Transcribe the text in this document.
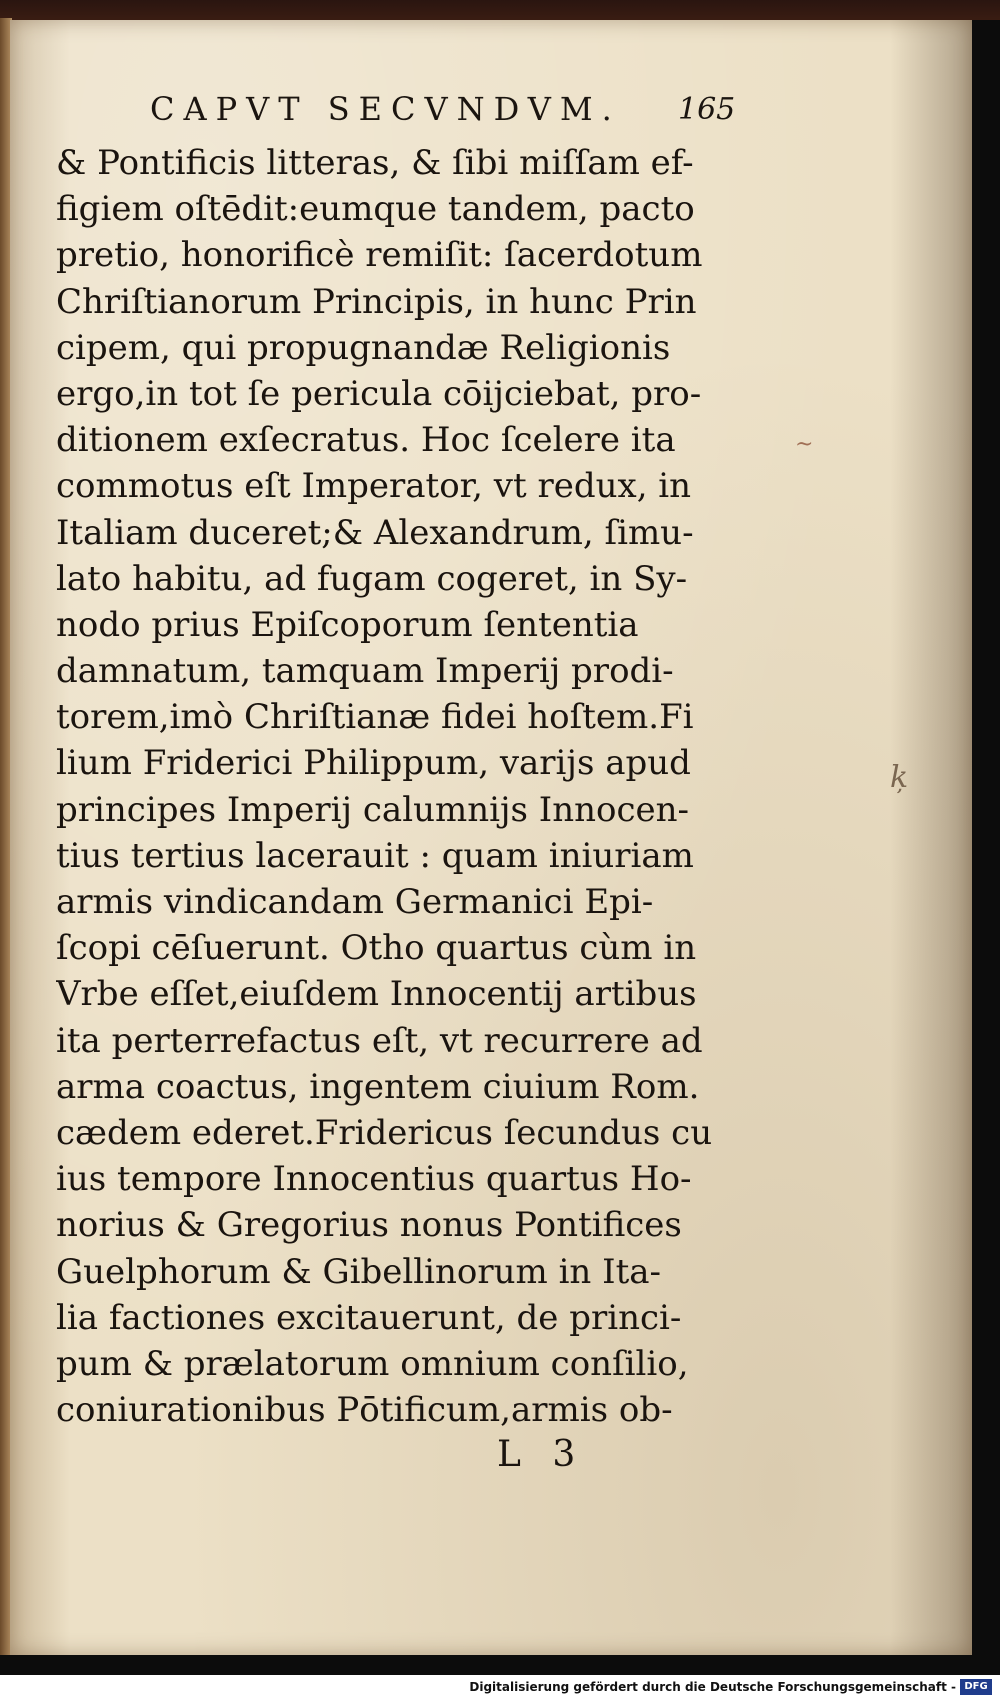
CAPVT SECVNDVM.	165
& Pontificis litteras, & ſibi miſſam ef-
figiem oſtēdit:eumque tandem, pacto
pretio, honorificè remiſit: ſacerdotum
Chriſtianorum Principis, in hunc Prin
cipem, qui propugnandæ Religionis
ergo,in tot ſe pericula cōijciebat, pro-
ditionem exſecratus. Hoc ſcelere ita
commotus eſt Imperator, vt redux, in
Italiam duceret;& Alexandrum, ſimu-
lato habitu, ad fugam cogeret, in Sy-
nodo prius Epiſcoporum ſententia
damnatum, tamquam Imperij prodi-
torem,imò Chriſtianæ fidei hoſtem.Fi
lium Friderici Philippum, varijs apud
principes Imperij calumnijs Innocen-
tius tertius lacerauit : quam iniuriam
armis vindicandam Germanici Epi-
ſcopi cēſuerunt. Otho quartus cùm in
Vrbe eſſet,eiuſdem Innocentij artibus
ita perterrefactus eſt, vt recurrere ad
arma coactus, ingentem ciuium Rom.
cædem ederet.Fridericus ſecundus cu
ius tempore Innocentius quartus Ho-
norius & Gregorius nonus Pontifices
Guelphorum & Gibellinorum in Ita-
lia factiones excitauerunt, de princi-
pum & prælatorum omnium conſilio,
coniurationibus Pōtificum,armis ob-
L 3
~
ķ
Digitalisierung gefördert durch die Deutsche Forschungsgemeinschaft - DFG
